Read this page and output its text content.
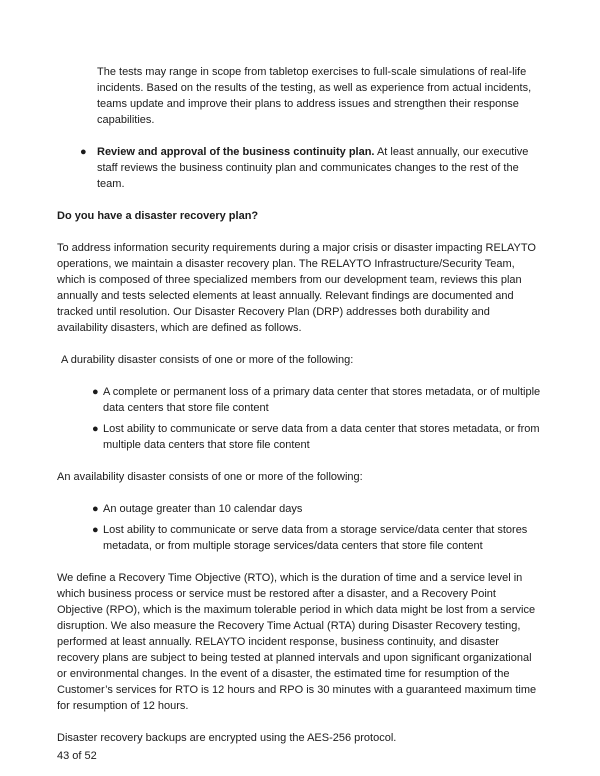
The tests may range in scope from tabletop exercises to full-scale simulations of real-life incidents. Based on the results of the testing, as well as experience from actual incidents, teams update and improve their plans to address issues and strengthen their response capabilities.

● Review and approval of the business continuity plan. At least annually, our executive staff reviews the business continuity plan and communicates changes to the rest of the team.
Do you have a disaster recovery plan?

To address information security requirements during a major crisis or disaster impacting RELAYTO operations, we maintain a disaster recovery plan. The RELAYTO Infrastructure/Security Team, which is composed of three specialized members from our development team, reviews this plan annually and tests selected elements at least annually. Relevant findings are documented and tracked until resolution. Our Disaster Recovery Plan (DRP) addresses both durability and availability disasters, which are defined as follows.

A durability disaster consists of one or more of the following:

● A complete or permanent loss of a primary data center that stores metadata, or of multiple data centers that store file content
● Lost ability to communicate or serve data from a data center that stores metadata, or from multiple data centers that store file content

An availability disaster consists of one or more of the following:

● An outage greater than 10 calendar days
● Lost ability to communicate or serve data from a storage service/data center that stores metadata, or from multiple storage services/data centers that store file content

We define a Recovery Time Objective (RTO), which is the duration of time and a service level in which business process or service must be restored after a disaster, and a Recovery Point Objective (RPO), which is the maximum tolerable period in which data might be lost from a service disruption. We also measure the Recovery Time Actual (RTA) during Disaster Recovery testing, performed at least annually. RELAYTO incident response, business continuity, and disaster recovery plans are subject to being tested at planned intervals and upon significant organizational or environmental changes. In the event of a disaster, the estimated time for resumption of the Customer’s services for RTO is 12 hours and RPO is 30 minutes with a guaranteed maximum time for resumption of 12 hours.

Disaster recovery backups are encrypted using the AES-256 protocol.

43 of 52
